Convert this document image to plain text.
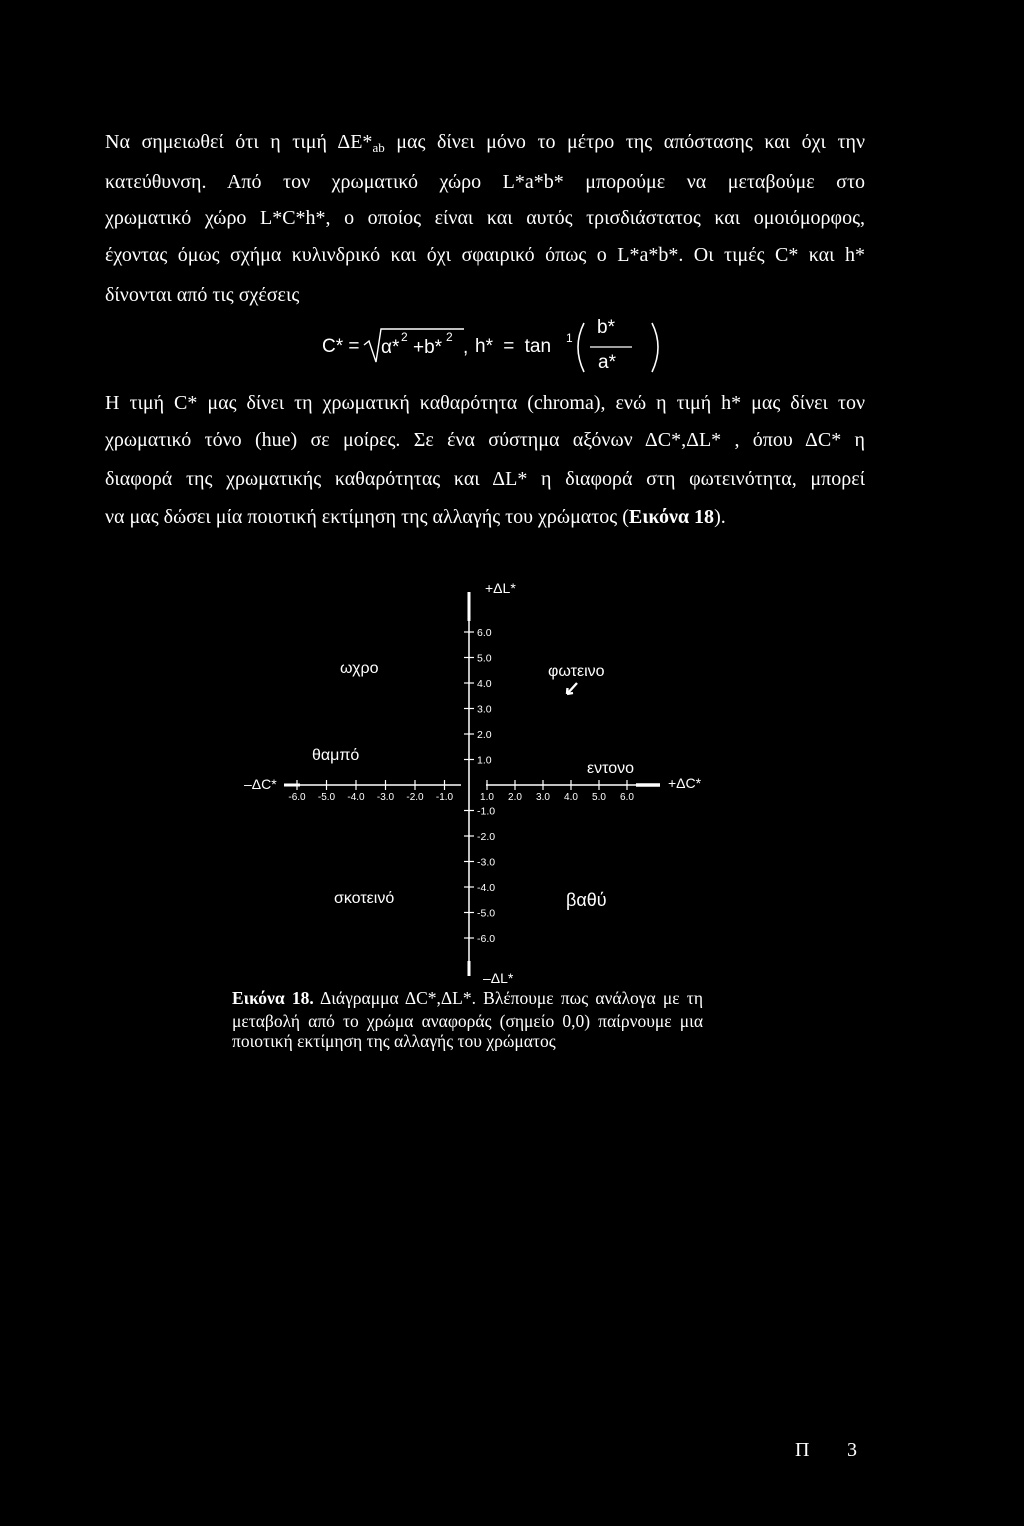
Να σημειωθεί ότι η τιμή $\Delta E*_{ab}$ μας δίνει μόνο το μέτρο της απόστασης και όχι την
κατεύθυνση. Από τον χρωματικό χώρο L*a*b* μπορούμε να μεταβούμε στο
χρωματικό χώρο L*C*h*, ο οποίος είναι και αυτός τρισδιάστατος και ομοιόμορφος,
έχοντας όμως σχήμα κυλινδρικό και όχι σφαιρικό όπως ο L*a*b*. Οι τιμές C* και h*
δίνονται από τις σχέσεις
C* = α* 2 +b* 2 , h* = tan 1 b*
a*
Η τιμή C* μας δίνει τη χρωματική καθαρότητα (chroma), ενώ η τιμή h* μας δίνει τον
χρωματικό τόνο (hue) σε μοίρες. Σε ένα σύστημα αξόνων ΔC*,ΔL* , όπου ΔC* η
διαφορά της χρωματικής καθαρότητας και ΔL* η διαφορά στη φωτεινότητα, μπορεί
να μας δώσει μία ποιοτική εκτίμηση της αλλαγής του χρώματος (Εικόνα 18).
6.0
5.0
4.0
3.0
2.0
1.0
-1.0
-2.0
-3.0
-4.0
-5.0
-6.0
-6.0 -5.0 -4.0 -3.0 -2.0 -1.0	1.0 2.0 3.0 4.0 5.0 6.0
+ΔL*
–ΔL*
–ΔC*	+ΔC*
ωχρο	φωτεινο
θαμπό
εντονο
σκοτεινό	βαθύ
Εικόνα 18. Διάγραμμα ΔC*,ΔL*. Βλέπουμε πως ανάλογα με τη
μεταβολή από το χρώμα αναφοράς (σημείο 0,0) παίρνουμε μια
ποιοτική εκτίμηση της αλλαγής του χρώματος
Π 3
